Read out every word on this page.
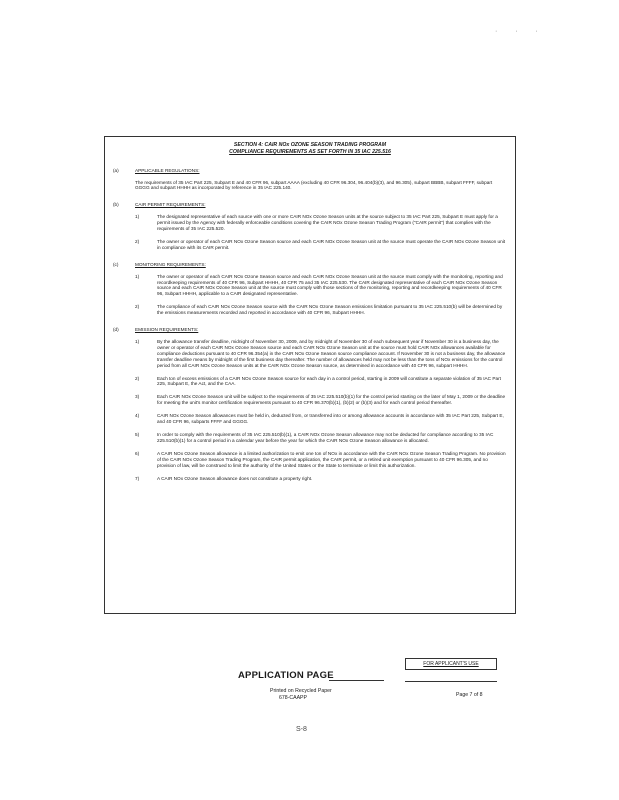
· · ·
SECTION 4: CAIR NOx OZONE SEASON TRADING PROGRAM
COMPLIANCE REQUIREMENTS AS SET FORTH IN 35 IAC 225.516
(a)	APPLICABLE REGULATIONS:
The requirements of 35 IAC Part 225, Subpart E and 40 CFR 96, subpart AAAA (excluding 40 CFR 96.304, 96.404(b)(3), and 96.305), subpart BBBB, subpart FFFF, subpart GGGG and subpart HHHH as incorporated by reference in 35 IAC 225.140.
(b)	CAIR PERMIT REQUIREMENTS:
1)	The designated representative of each source with one or more CAIR NOx Ozone Season units at the source subject to 35 IAC Part 225, Subpart E must apply for a permit issued by the Agency with federally enforceable conditions covering the CAIR NOx Ozone Season Trading Program ("CAIR permit") that complies with the requirements of 35 IAC 225.520.
2)	The owner or operator of each CAIR NOx Ozone Season source and each CAIR NOx Ozone Season unit at the source must operate the CAIR NOx Ozone Season unit in compliance with its CAIR permit.
(c)	MONITORING REQUIREMENTS:
1)	The owner or operator of each CAIR NOx Ozone Season source and each CAIR NOx Ozone Season unit at the source must comply with the monitoring, reporting and recordkeeping requirements of 40 CFR 96, Subpart HHHH, 40 CFR 75 and 35 IAC 225.530. The CAIR designated representative of each CAIR NOx Ozone Season source and each CAIR NOx Ozone Season unit at the source must comply with those sections of the monitoring, reporting and recordkeeping requirements of 40 CFR 96, Subpart HHHH, applicable to a CAIR designated representative.
2)	The compliance of each CAIR NOx Ozone Season source with the CAIR NOx Ozone Season emissions limitation pursuant to 35 IAC 225.510(b) will be determined by the emissions measurements recorded and reported in accordance with 40 CFR 96, Subpart HHHH.
(d)	EMISSION REQUIREMENTS:
1)	By the allowance transfer deadline, midnight of November 30, 2009, and by midnight of November 30 of each subsequent year if November 30 is a business day, the owner or operator of each CAIR NOx Ozone Season source and each CAIR NOx Ozone Season unit at the source must hold CAIR NOx allowances available for compliance deductions pursuant to 40 CFR 96.354(a) in the CAIR NOx Ozone Season source compliance account. If November 30 is not a business day, the allowance transfer deadline means by midnight of the first business day thereafter. The number of allowances held may not be less than the tons of NOx emissions for the control period from all CAIR NOx Ozone Season units at the CAIR NOx Ozone Season source, as determined in accordance with 40 CFR 96, subpart HHHH.
2)	Each ton of excess emissions of a CAIR NOx Ozone Season source for each day in a control period, starting in 2009 will constitute a separate violation of 35 IAC Part 225, Subpart E, the Act, and the CAA.
3)	Each CAIR NOx Ozone Season unit will be subject to the requirements of 35 IAC 225.510(b)(1) for the control period starting on the later of May 1, 2009 or the deadline for meeting the unit's monitor certification requirements pursuant to 40 CFR 96.370(b)(1), (b)(2) or (b)(3) and for each control period thereafter.
4)	CAIR NOx Ozone Season allowances must be held in, deducted from, or transferred into or among allowance accounts in accordance with 35 IAC Part 225, Subpart E, and 40 CFR 96, subparts FFFF and GGGG.
5)	In order to comply with the requirements of 35 IAC 225.510(b)(1), a CAIR NOx Ozone Season allowance may not be deducted for compliance according to 35 IAC 225.510(b)(1) for a control period in a calendar year before the year for which the CAIR NOx Ozone Season allowance is allocated.
6)	A CAIR NOx Ozone Season allowance is a limited authorization to emit one ton of NOx in accordance with the CAIR NOx Ozone Season Trading Program. No provision of the CAIR NOx Ozone Season Trading Program, the CAIR permit application, the CAIR permit, or a retired unit exemption pursuant to 40 CFR 96.305, and no provision of law, will be construed to limit the authority of the United States or the State to terminate or limit this authorization.
7)	A CAIR NOx Ozone Season allowance does not constitute a property right.
FOR APPLICANT'S USE
APPLICATION PAGE
Printed on Recycled Paper
678-CAAPP	Page 7 of 8
S-8
